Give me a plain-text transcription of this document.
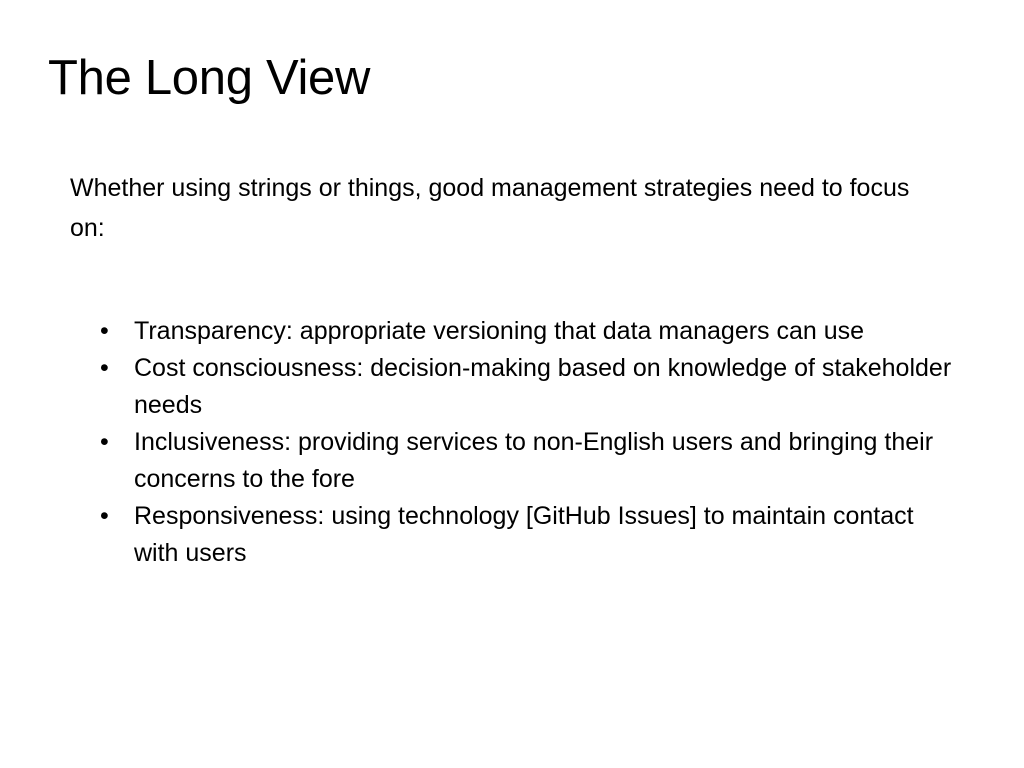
The Long View

Whether using strings or things, good management strategies need to focus on:

•	Transparency: appropriate versioning that data managers can use
•	Cost consciousness: decision-making based on knowledge of stakeholder needs
•	Inclusiveness: providing services to non-English users and bringing their concerns to the fore
•	Responsiveness: using technology [GitHub Issues] to maintain contact with users
